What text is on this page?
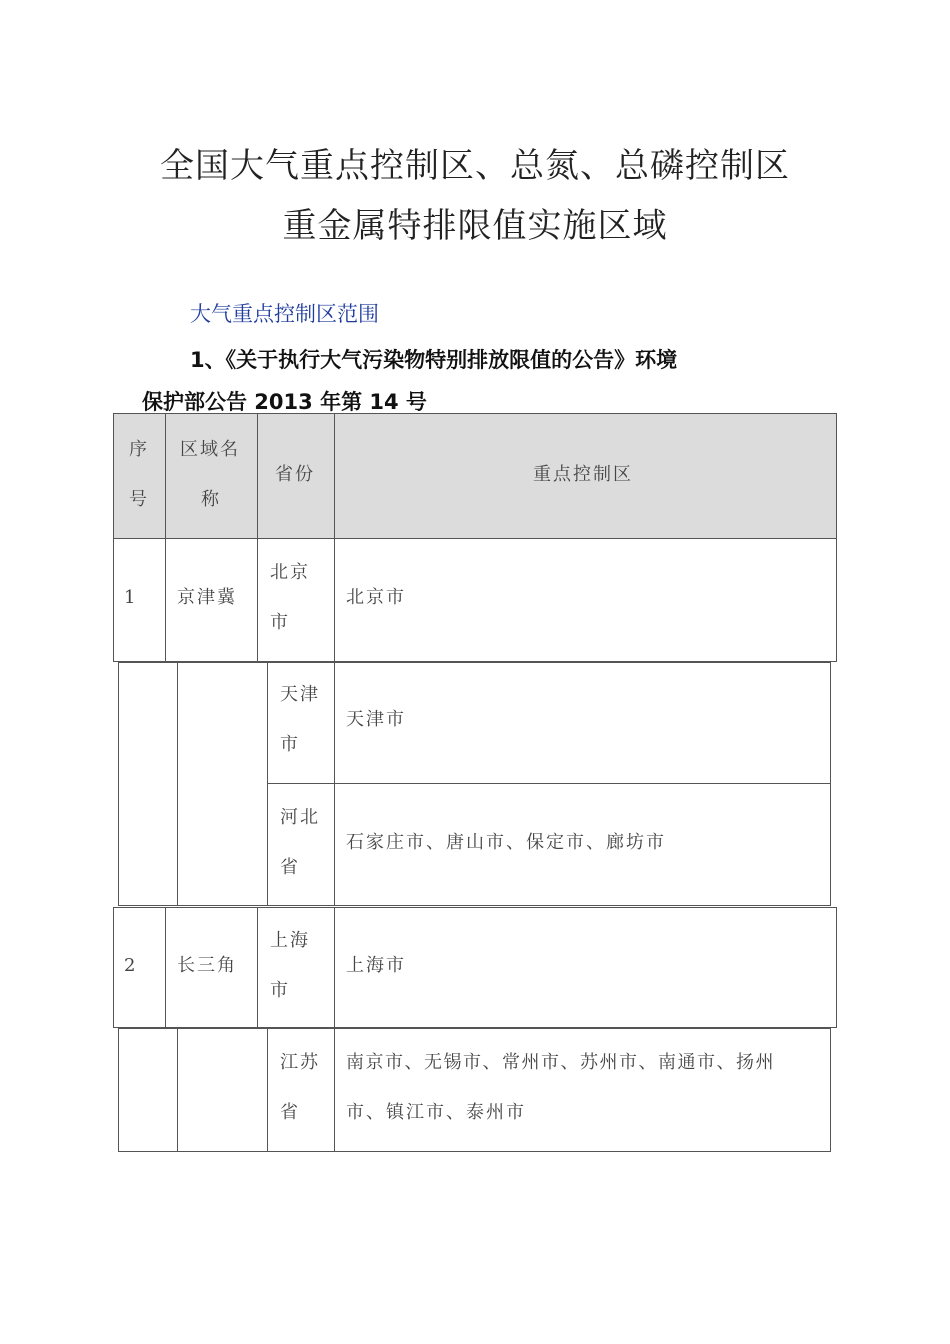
全国大气重点控制区、总氮、总磷控制区
重金属特排限值实施区域
大气重点控制区范围
1、《关于执行大气污染物特别排放限值的公告》环境
保护部公告 2013 年第 14 号
序
号
区域名
称
省份	重点控制区
1 京津冀
北京
市
北京市
天津
市
天津市
河北
省
石家庄市、唐山市、保定市、廊坊市
2 长三角
上海
市
上海市
江苏
省
南京市、无锡市、常州市、苏州市、南通市、扬州
市、镇江市、泰州市
